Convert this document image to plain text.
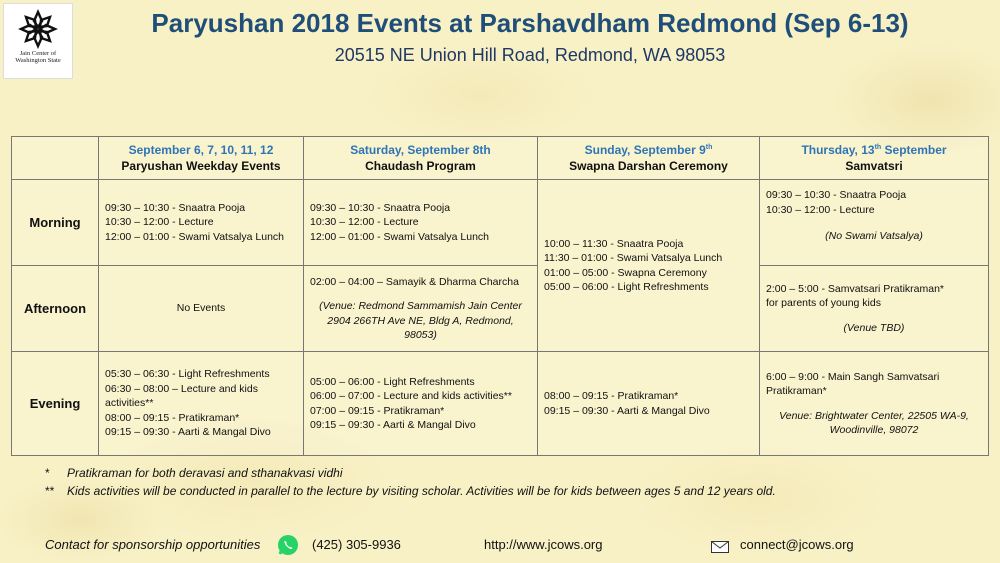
Jain Center of
Washington State
Paryushan 2018 Events at Parshavdham Redmond (Sep 6-13)
20515 NE Union Hill Road, Redmond, WA 98053

	September 6, 7, 10, 11, 12
Paryushan Weekday Events	Saturday, September 8th
Chaudash Program	Sunday, September 9th
Swapna Darshan Ceremony	Thursday, 13th September
Samvatsri

Morning	09:30 – 10:30 - Snaatra Pooja
10:30 – 12:00 - Lecture
12:00 – 01:00 - Swami Vatsalya Lunch	09:30 – 10:30 - Snaatra Pooja
10:30 – 12:00 - Lecture
12:00 – 01:00 - Swami Vatsalya Lunch	10:00 – 11:30 - Snaatra Pooja
11:30 – 01:00 - Swami Vatsalya Lunch
01:00 – 05:00 - Swapna Ceremony
05:00 – 06:00 - Light Refreshments	09:30 – 10:30 - Snaatra Pooja
10:30 – 12:00 - Lecture
(No Swami Vatsalya)

Afternoon	No Events	02:00 – 04:00 – Samayik & Dharma Charcha
(Venue: Redmond Sammamish Jain Center 2904 266TH Ave NE, Bldg A, Redmond, 98053)		2:00 – 5:00 - Samvatsari Pratikraman*
for parents of young kids
(Venue TBD)

Evening	05:30 – 06:30 - Light Refreshments
06:30 – 08:00 – Lecture and kids
activities**
08:00 – 09:15 - Pratikraman*
09:15 – 09:30 - Aarti & Mangal Divo	05:00 – 06:00 - Light Refreshments
06:00 – 07:00 - Lecture and kids activities**
07:00 – 09:15 - Pratikraman*
09:15 – 09:30 - Aarti & Mangal Divo	08:00 – 09:15 - Pratikraman*
09:15 – 09:30 - Aarti & Mangal Divo	6:00 – 9:00 - Main Sangh Samvatsari
Pratikraman*
Venue: Brightwater Center, 22505 WA-9, Woodinville, 98072
* Pratikraman for both deravasi and sthanakvasi vidhi
** Kids activities will be conducted in parallel to the lecture by visiting scholar. Activities will be for kids between ages 5 and 12 years old.
Contact for sponsorship opportunities	(425) 305-9936	http://www.jcows.org	connect@jcows.org
